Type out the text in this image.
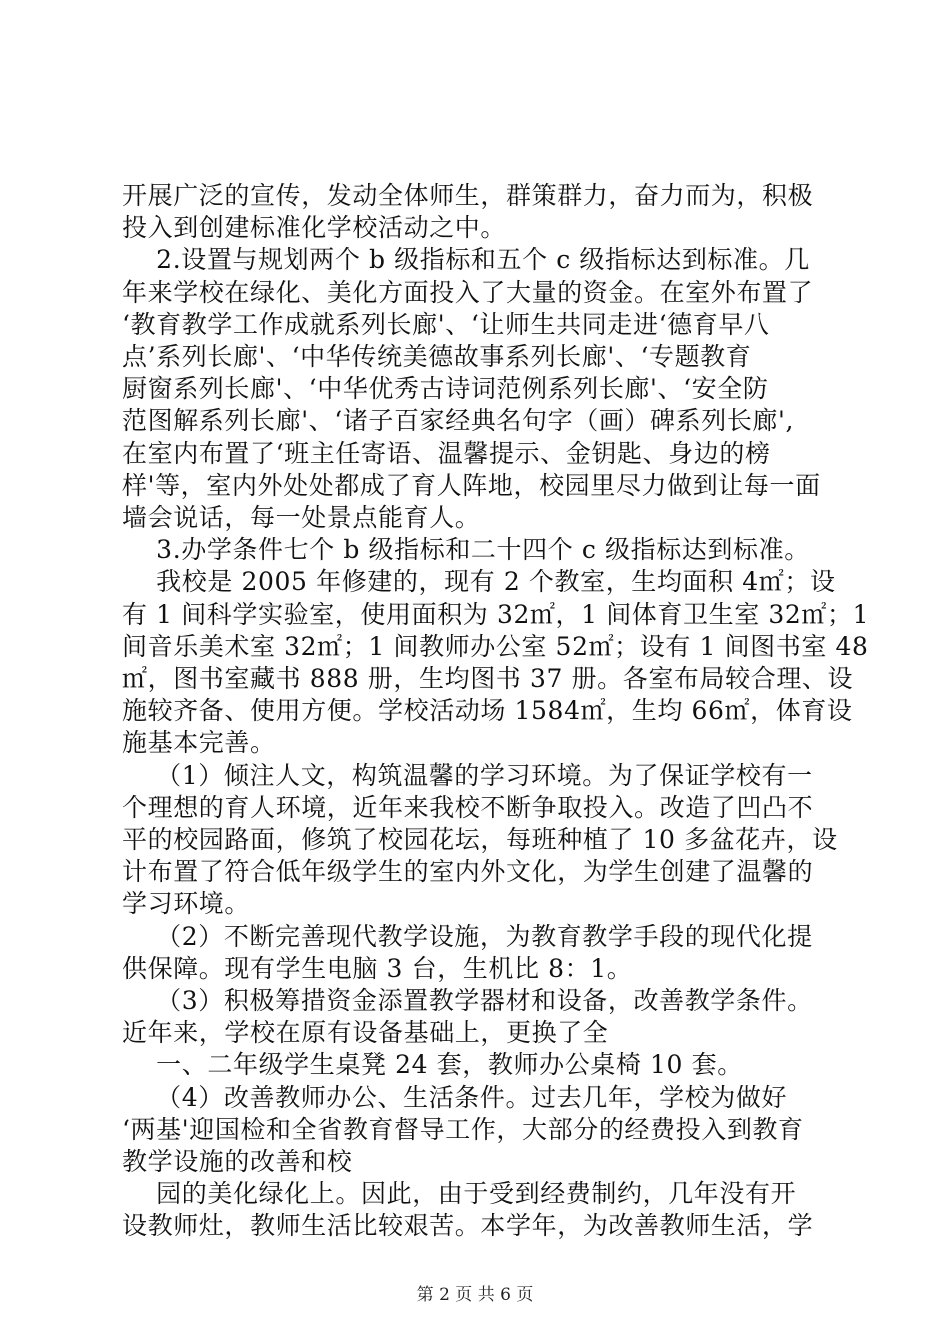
开展广泛的宣传，发动全体师生，群策群力，奋力而为，积极
投入到创建标准化学校活动之中。
2.设置与规划两个 b 级指标和五个 c 级指标达到标准。几
年来学校在绿化、美化方面投入了大量的资金。在室外布置了
‘教育教学工作成就系列长廊'、‘让师生共同走进‘德育早八
点’系列长廊'、‘中华传统美德故事系列长廊'、‘专题教育
厨窗系列长廊'、‘中华优秀古诗词范例系列长廊'、‘安全防
范图解系列长廊'、‘诸子百家经典名句字（画）碑系列长廊',
在室内布置了‘班主任寄语、温馨提示、金钥匙、身边的榜
样'等，室内外处处都成了育人阵地，校园里尽力做到让每一面
墙会说话，每一处景点能育人。
3.办学条件七个 b 级指标和二十四个 c 级指标达到标准。
我校是 2005 年修建的，现有 2 个教室，生均面积 4㎡；设
有 1 间科学实验室，使用面积为 32㎡，1 间体育卫生室 32㎡；1
间音乐美术室 32㎡；1 间教师办公室 52㎡；设有 1 间图书室 48
㎡，图书室藏书 888 册，生均图书 37 册。各室布局较合理、设
施较齐备、使用方便。学校活动场 1584㎡，生均 66㎡，体育设
施基本完善。
（1）倾注人文，构筑温馨的学习环境。为了保证学校有一
个理想的育人环境，近年来我校不断争取投入。改造了凹凸不
平的校园路面，修筑了校园花坛，每班种植了 10 多盆花卉，设
计布置了符合低年级学生的室内外文化，为学生创建了温馨的
学习环境。
（2）不断完善现代教学设施，为教育教学手段的现代化提
供保障。现有学生电脑 3 台，生机比 8：1。
（3）积极筹措资金添置教学器材和设备，改善教学条件。
近年来，学校在原有设备基础上，更换了全
一、二年级学生桌凳 24 套，教师办公桌椅 10 套。
（4）改善教师办公、生活条件。过去几年，学校为做好
‘两基'迎国检和全省教育督导工作，大部分的经费投入到教育
教学设施的改善和校
园的美化绿化上。因此，由于受到经费制约，几年没有开
设教师灶，教师生活比较艰苦。本学年，为改善教师生活，学
第 2 页 共 6 页
